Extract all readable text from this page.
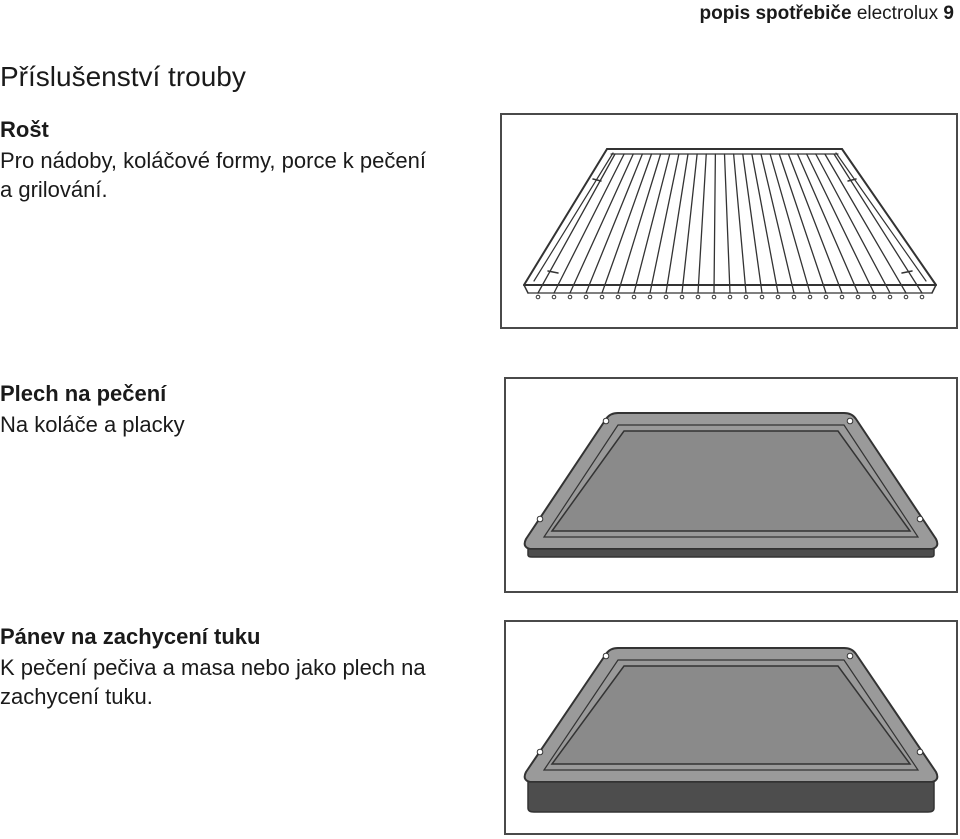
popis spotřebiče electrolux 9
Příslušenství trouby
Rošt

Pro nádoby, koláčové formy, porce k pečení a grilování.

Plech na pečení

Na koláče a placky

Pánev na zachycení tuku

K pečení pečiva a masa nebo jako plech na zachycení tuku.
